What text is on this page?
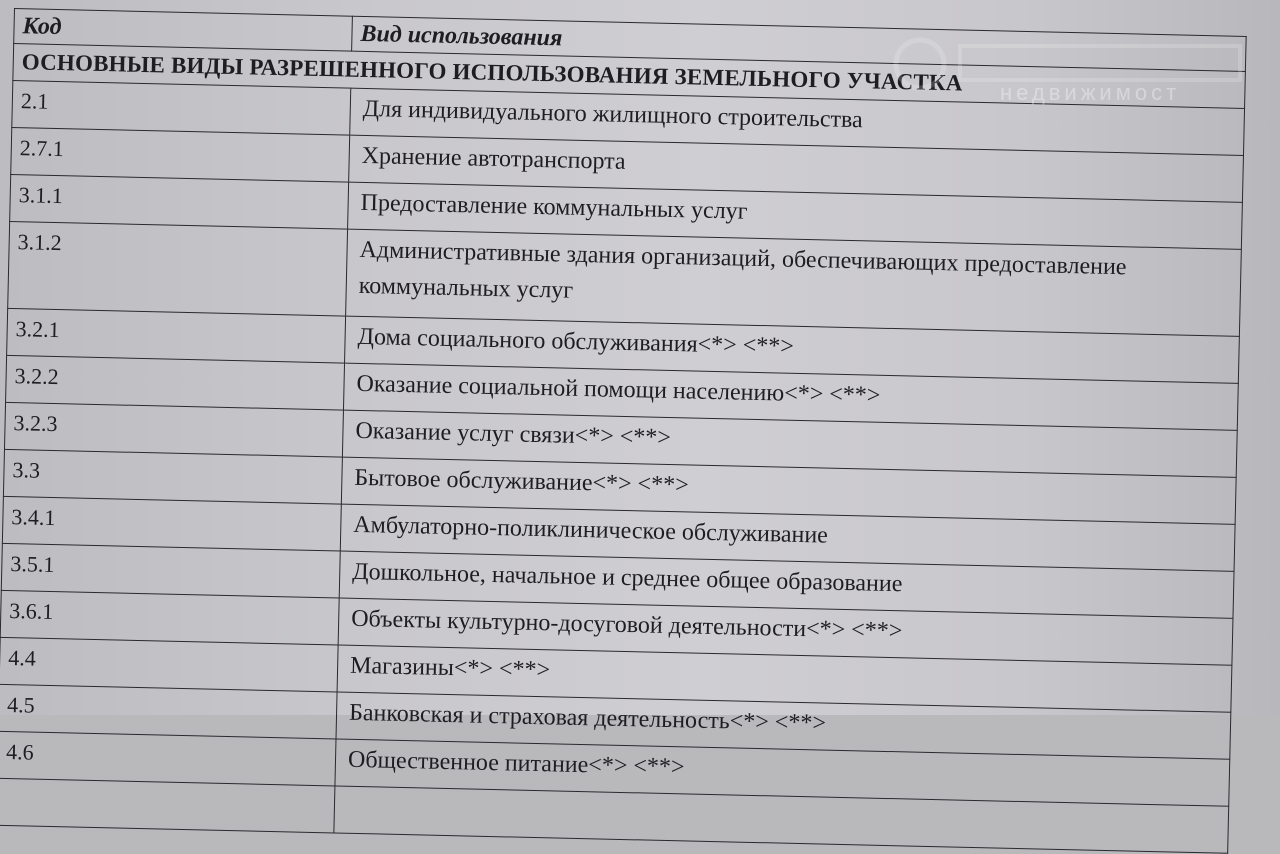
Код	Вид использования
ОСНОВНЫЕ ВИДЫ РАЗРЕШЕННОГО ИСПОЛЬЗОВАНИЯ ЗЕМЕЛЬНОГО УЧАСТКА	
2.1	Для индивидуального жилищного строительства
2.7.1	Хранение автотранспорта
3.1.1	Предоставление коммунальных услуг
3.1.2	Административные здания организаций, обеспечивающих предоставление коммунальных услуг
3.2.1	Дома социального обслуживания<*> <**>
3.2.2	Оказание социальной помощи населению<*> <**>
3.2.3	Оказание услуг связи<*> <**>
3.3	Бытовое обслуживание<*> <**>
3.4.1	Амбулаторно-поликлиническое обслуживание
3.5.1	Дошкольное, начальное и среднее общее образование
3.6.1	Объекты культурно-досуговой деятельности<*> <**>
4.4	Магазины<*> <**>
4.5	Банковская и страховая деятельность<*> <**>
4.6	Общественное питание<*> <**>

недвижимост
